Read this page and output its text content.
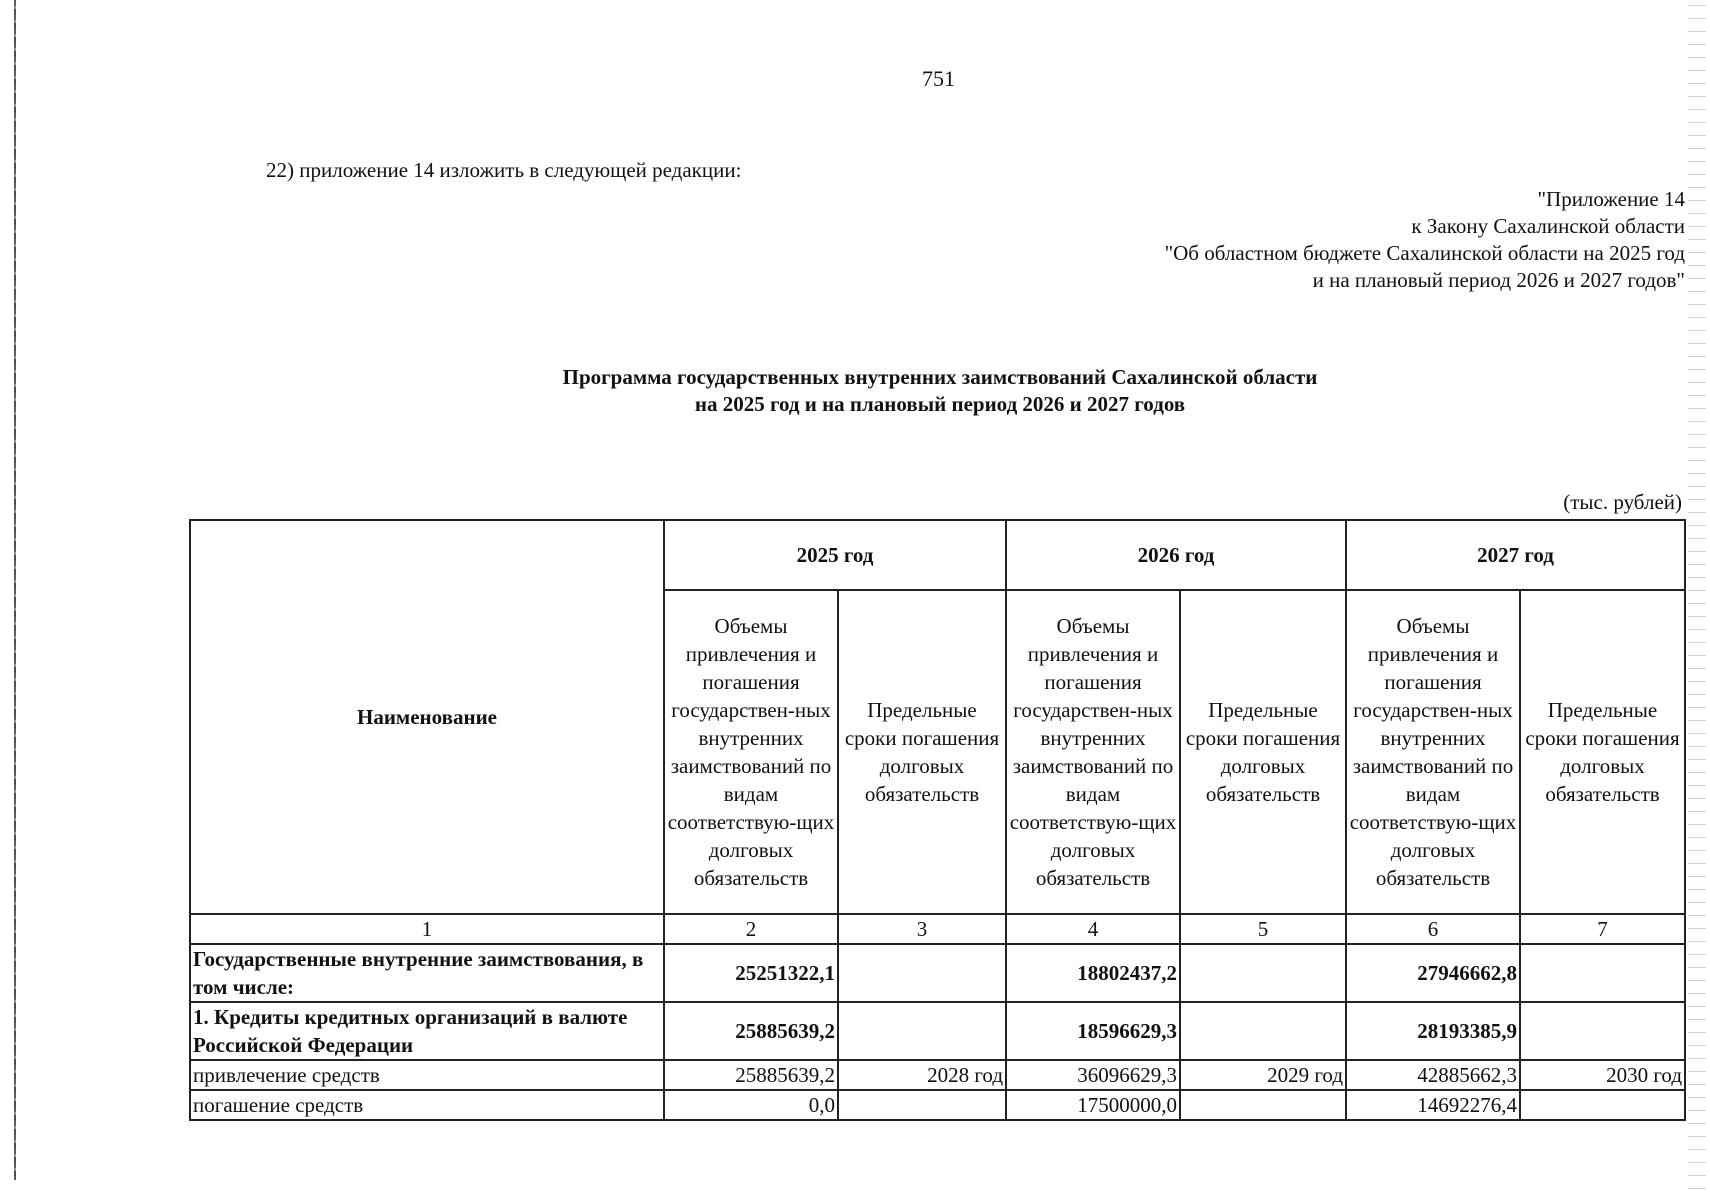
751
22) приложение 14 изложить в следующей редакции:
"Приложение 14
к Закону Сахалинской области
"Об областном бюджете Сахалинской области на 2025 год
и на плановый период 2026 и 2027 годов"
Программа государственных внутренних заимствований Сахалинской области
на 2025 год и на плановый период 2026 и 2027 годов
(тыс. рублей)
Наименование	2025 год		2026 год		2027 год	
	Объемы привлечения и погашения государствен-ных внутренних заимствований по видам соответствую-щих долговых обязательств	Предельные сроки погашения долговых обязательств	Объемы привлечения и погашения государствен-ных внутренних заимствований по видам соответствую-щих долговых обязательств	Предельные сроки погашения долговых обязательств	Объемы привлечения и погашения государствен-ных внутренних заимствований по видам соответствую-щих долговых обязательств	Предельные сроки погашения долговых обязательств
1	2	3	4	5	6	7
Государственные внутренние заимствования, в том числе:	25251322,1		18802437,2		27946662,8	
1. Кредиты кредитных организаций в валюте Российской Федерации	25885639,2		18596629,3		28193385,9	
привлечение средств	25885639,2	2028 год	36096629,3	2029 год	42885662,3	2030 год
погашение средств	0,0		17500000,0		14692276,4	
